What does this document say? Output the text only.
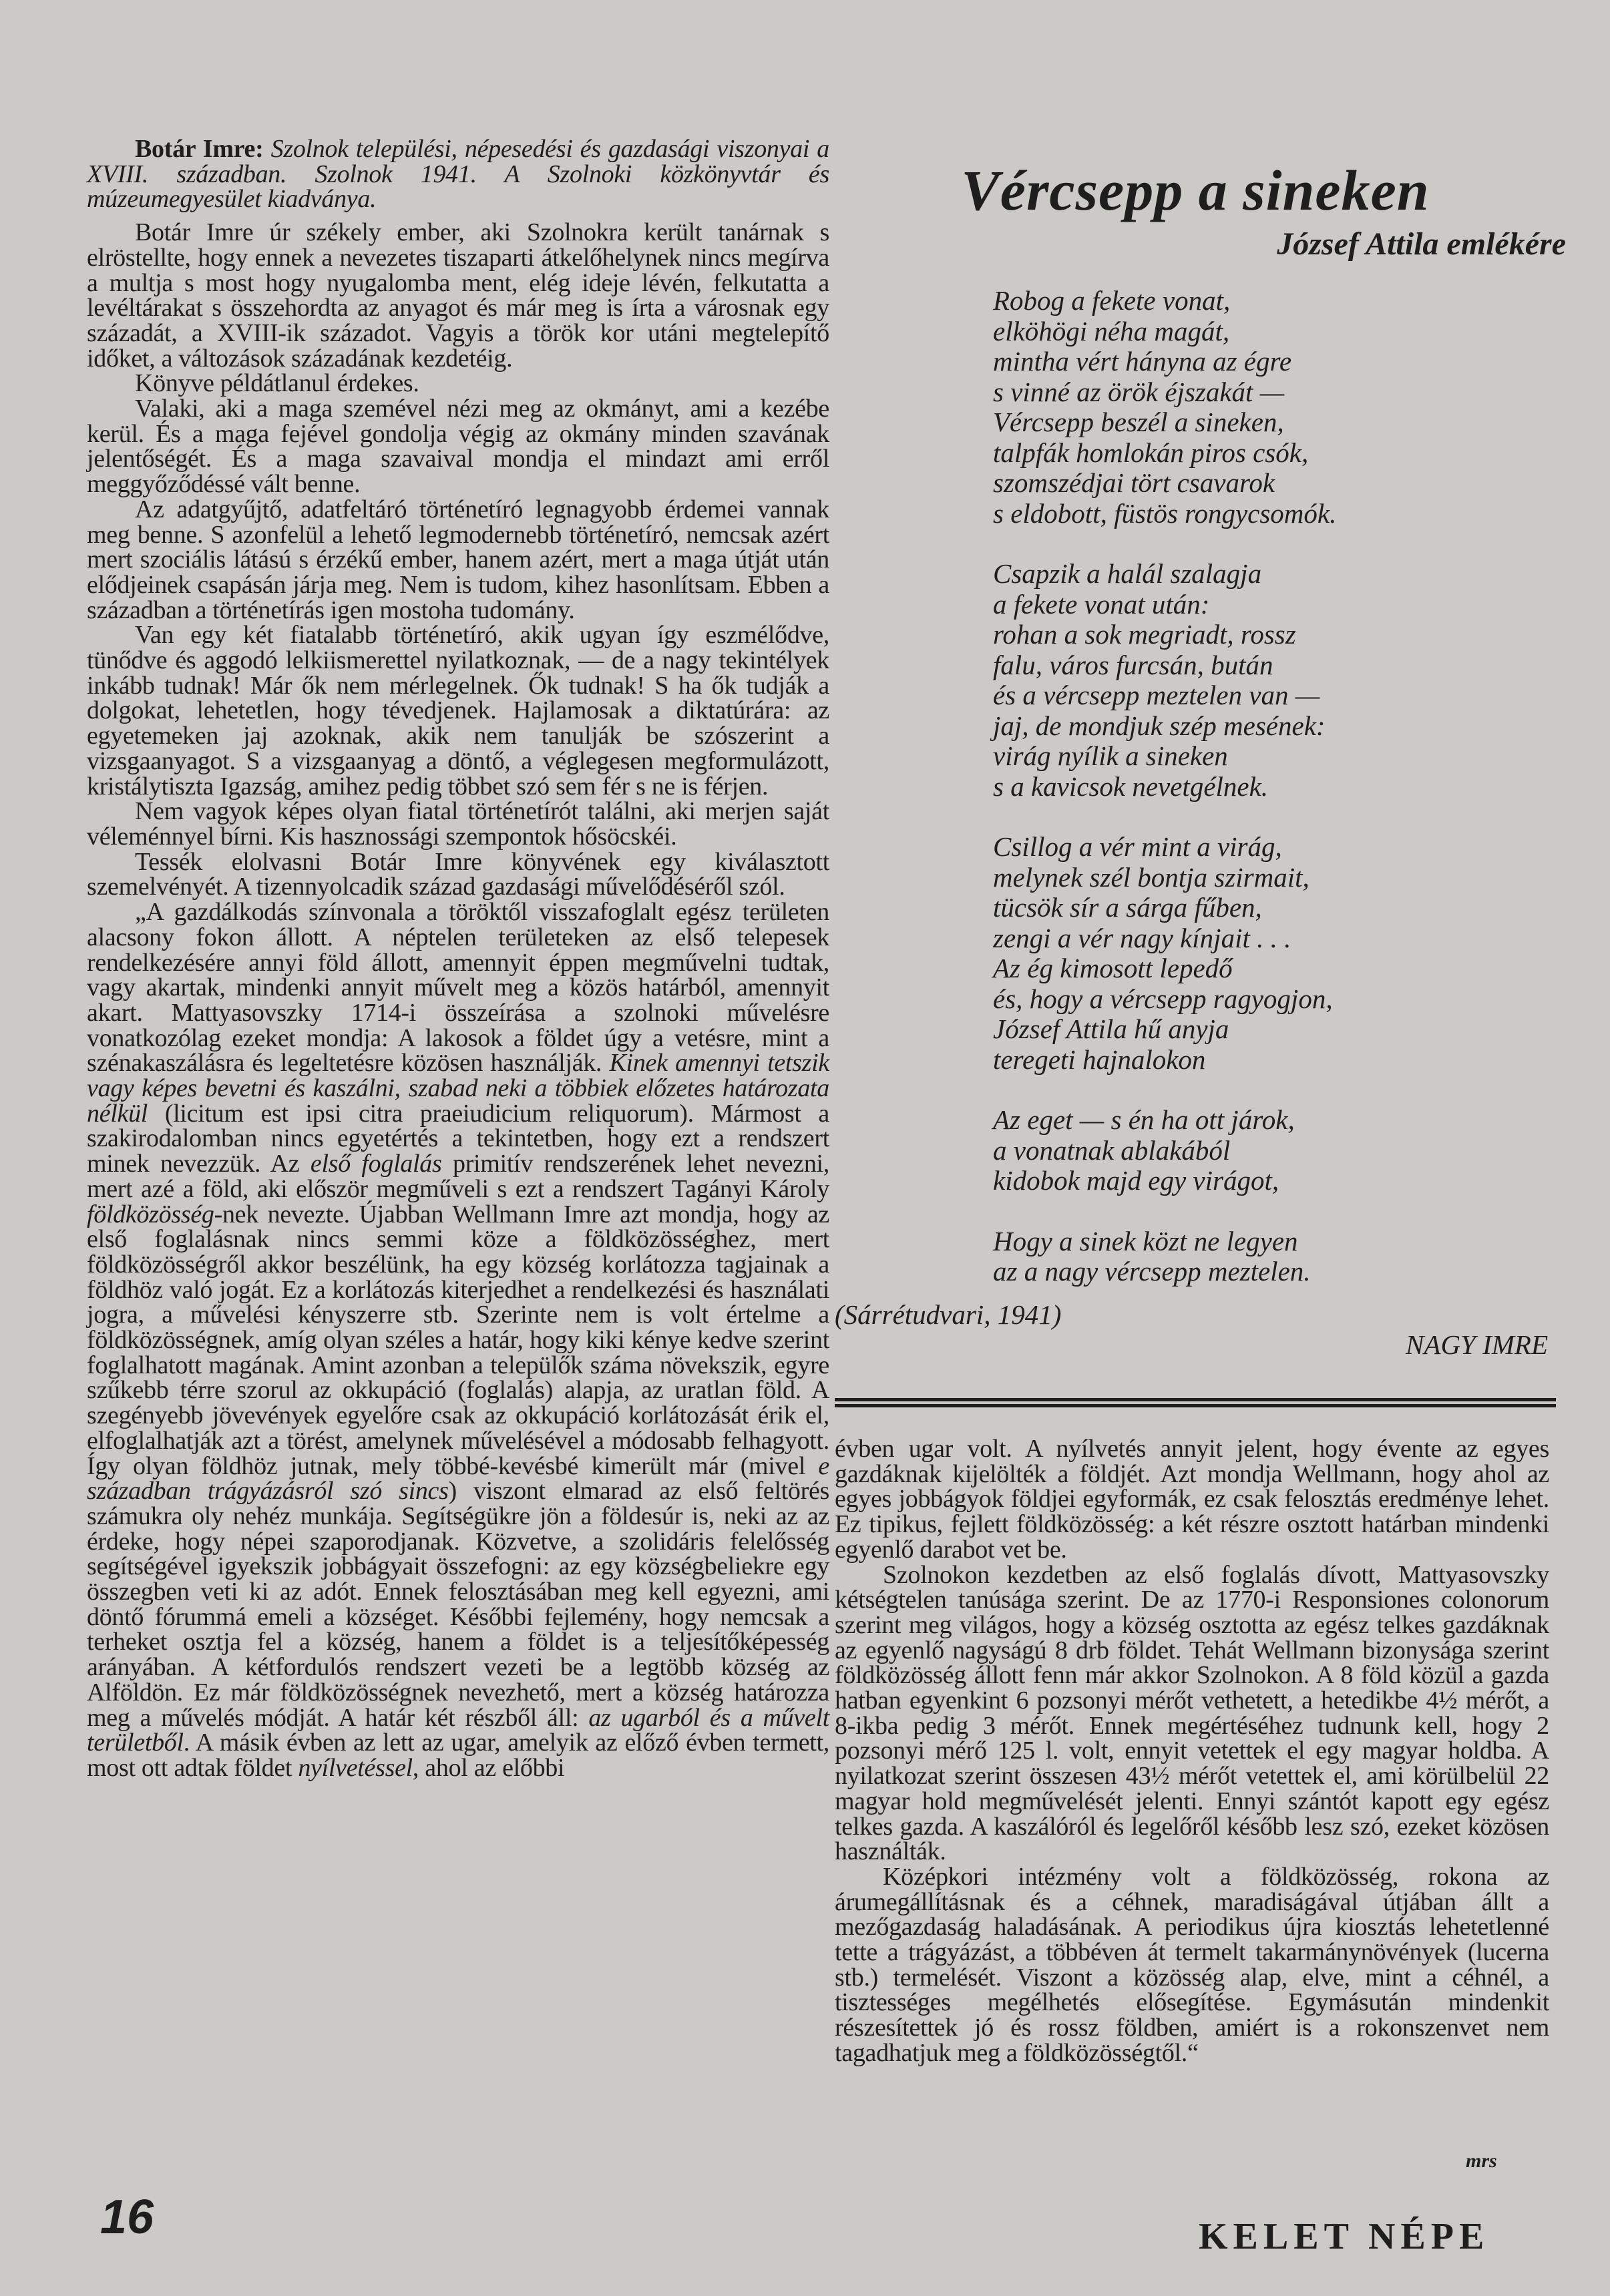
Botár Imre: Szolnok települési, népesedési és gazdasági viszonyai a XVIII. században. Szolnok 1941. A Szolnoki közkönyvtár és múzeumegyesület kiadványa.

Botár Imre úr székely ember, aki Szolnokra került tanárnak s elröstellte, hogy ennek a nevezetes tiszaparti átkelőhelynek nincs megírva a multja s most hogy nyugalomba ment, elég ideje lévén, felkutatta a levéltárakat s összehordta az anyagot és már meg is írta a városnak egy századát, a XVIII-ik századot. Vagyis a török kor utáni megtelepítő időket, a változások századának kezdetéig.

Könyve példátlanul érdekes.

Valaki, aki a maga szemével nézi meg az okmányt, ami a kezébe kerül. És a maga fejével gondolja végig az okmány minden szavának jelentőségét. És a maga szavaival mondja el mindazt ami erről meggyőződéssé vált benne.

Az adatgyűjtő, adatfeltáró történetíró legnagyobb érdemei vannak meg benne. S azonfelül a lehető legmodernebb történetíró, nemcsak azért mert szociális látású s érzékű ember, hanem azért, mert a maga útját után elődjeinek csapásán járja meg. Nem is tudom, kihez hasonlítsam. Ebben a században a történetírás igen mostoha tudomány.

Van egy két fiatalabb történetíró, akik ugyan így eszmélődve, tünődve és aggodó lelkiismerettel nyilatkoznak, — de a nagy tekintélyek inkább tudnak! Már ők nem mérlegelnek. Ők tudnak! S ha ők tudják a dolgokat, lehetetlen, hogy tévedjenek. Hajlamosak a diktatúrára: az egyetemeken jaj azoknak, akik nem tanulják be szószerint a vizsgaanyagot. S a vizsgaanyag a döntő, a véglegesen megformulázott, kristálytiszta Igazság, amihez pedig többet szó sem fér s ne is férjen.

Nem vagyok képes olyan fiatal történetírót találni, aki merjen saját véleménnyel bírni. Kis hasznossági szempontok hősöcskéi.

Tessék elolvasni Botár Imre könyvének egy kiválasztott szemelvényét. A tizennyolcadik század gazdasági művelődéséről szól.

„A gazdálkodás színvonala a töröktől visszafoglalt egész területen alacsony fokon állott. A néptelen területeken az első telepesek rendelkezésére annyi föld állott, amennyit éppen megművelni tudtak, vagy akartak, mindenki annyit művelt meg a közös határból, amennyit akart. Mattyasovszky 1714-i összeírása a szolnoki művelésre vonatkozólag ezeket mondja: A lakosok a földet úgy a vetésre, mint a szénakaszálásra és legeltetésre közösen használják. Kinek amennyi tetszik vagy képes bevetni és kaszálni, szabad neki a többiek előzetes határozata nélkül (licitum est ipsi citra praeiudicium reliquorum). Mármost a szakirodalomban nincs egyetértés a tekintetben, hogy ezt a rendszert minek nevezzük. Az első foglalás primitív rendszerének lehet nevezni, mert azé a föld, aki először megműveli s ezt a rendszert Tagányi Károly földközösség-nek nevezte. Újabban Wellmann Imre azt mondja, hogy az első foglalásnak nincs semmi köze a földközösséghez, mert földközösségről akkor beszélünk, ha egy község korlátozza tagjainak a földhöz való jogát. Ez a korlátozás kiterjedhet a rendelkezési és használati jogra, a művelési kényszerre stb. Szerinte nem is volt értelme a földközösségnek, amíg olyan széles a határ, hogy kiki kénye kedve szerint foglalhatott magának. Amint azonban a települők száma növekszik, egyre szűkebb térre szorul az okkupáció (foglalás) alapja, az uratlan föld. A szegényebb jövevények egyelőre csak az okkupáció korlátozását érik el, elfoglalhatják azt a törést, amelynek művelésével a módosabb felhagyott. Így olyan földhöz jutnak, mely többé-kevésbé kimerült már (mivel e században trágyázásról szó sincs) viszont elmarad az első feltörés számukra oly nehéz munkája. Segítségükre jön a földesúr is, neki az az érdeke, hogy népei szaporodjanak. Közvetve, a szolidáris felelősség segítségével igyekszik jobbágyait összefogni: az egy községbeliekre egy összegben veti ki az adót. Ennek felosztásában meg kell egyezni, ami döntő fórummá emeli a községet. Későbbi fejlemény, hogy nemcsak a terheket osztja fel a község, hanem a földet is a teljesítőképesség arányában. A kétfordulós rendszert vezeti be a legtöbb község az Alföldön. Ez már földközösségnek nevezhető, mert a község határozza meg a művelés módját. A határ két részből áll: az ugarból és a művelt területből. A másik évben az lett az ugar, amelyik az előző évben termett, most ott adtak földet nyílvetéssel, ahol az előbbi

Vércsepp a sineken
József Attila emlékére
Robog a fekete vonat,
elköhögi néha magát,
mintha vért hányna az égre
s vinné az örök éjszakát —
Vércsepp beszél a sineken,
talpfák homlokán piros csók,
szomszédjai tört csavarok
s eldobott, füstös rongycsomók.
Csapzik a halál szalagja
a fekete vonat után:
rohan a sok megriadt, rossz
falu, város furcsán, bután
és a vércsepp meztelen van —
jaj, de mondjuk szép mesének:
virág nyílik a sineken
s a kavicsok nevetgélnek.
Csillog a vér mint a virág,
melynek szél bontja szirmait,
tücsök sír a sárga fűben,
zengi a vér nagy kínjait . . .
Az ég kimosott lepedő
és, hogy a vércsepp ragyogjon,
József Attila hű anyja
teregeti hajnalokon
Az eget — s én ha ott járok,
a vonatnak ablakából
kidobok majd egy virágot,
Hogy a sinek közt ne legyen
az a nagy vércsepp meztelen.
(Sárrétudvari, 1941)
NAGY IMRE

évben ugar volt. A nyílvetés annyit jelent, hogy évente az egyes gazdáknak kijelölték a földjét. Azt mondja Wellmann, hogy ahol az egyes jobbágyok földjei egyformák, ez csak felosztás eredménye lehet. Ez tipikus, fejlett földközösség: a két részre osztott határban mindenki egyenlő darabot vet be.

Szolnokon kezdetben az első foglalás dívott, Mattyasovszky kétségtelen tanúsága szerint. De az 1770-i Responsiones colonorum szerint meg világos, hogy a község osztotta az egész telkes gazdáknak az egyenlő nagyságú 8 drb földet. Tehát Wellmann bizonysága szerint földközösség állott fenn már akkor Szolnokon. A 8 föld közül a gazda hatban egyenkint 6 pozsonyi mérőt vethetett, a hetedikbe 4½ mérőt, a 8-ikba pedig 3 mérőt. Ennek megértéséhez tudnunk kell, hogy 2 pozsonyi mérő 125 l. volt, ennyit vetettek el egy magyar holdba. A nyilatkozat szerint összesen 43½ mérőt vetettek el, ami körülbelül 22 magyar hold megművelését jelenti. Ennyi szántót kapott egy egész telkes gazda. A kaszálóról és legelőről később lesz szó, ezeket közösen használták.

Középkori intézmény volt a földközösség, rokona az árumegállításnak és a céhnek, maradiságával útjában állt a mezőgazdaság haladásának. A periodikus újra kiosztás lehetetlenné tette a trágyázást, a többéven át termelt takarmánynövények (lucerna stb.) termelését. Viszont a közösség alap, elve, mint a céhnél, a tisztességes megélhetés elősegítése. Egymásután mindenkit részesítettek jó és rossz földben, amiért is a rokonszenvet nem tagadhatjuk meg a földközösségtől.“

mrs
16	KELET NÉPE
